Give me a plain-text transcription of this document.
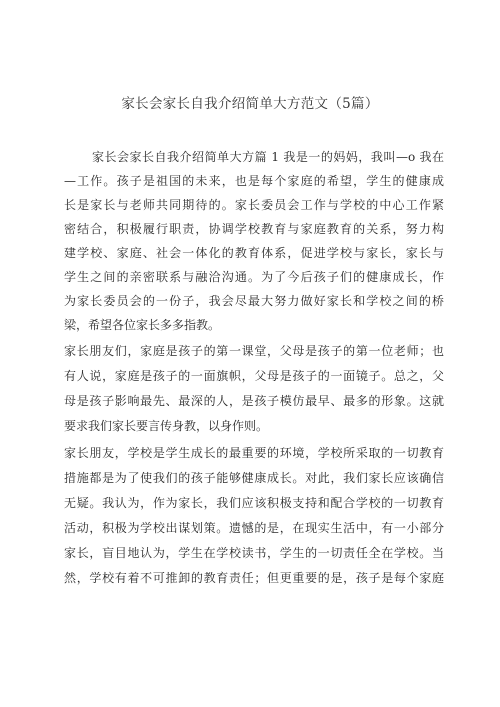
家长会家长自我介绍简单大方范文（5篇）
家长会家长自我介绍简单大方篇 1 我是一的妈妈，我叫—o 我在
—工作。孩子是祖国的未来，也是每个家庭的希望，学生的健康成
长是家长与老师共同期待的。家长委员会工作与学校的中心工作紧
密结合，积极履行职责，协调学校教育与家庭教育的关系，努力构
建学校、家庭、社会一体化的教育体系，促进学校与家长，家长与
学生之间的亲密联系与融洽沟通。为了今后孩子们的健康成长，作
为家长委员会的一份子，我会尽最大努力做好家长和学校之间的桥
梁，希望各位家长多多指教。
家长朋友们，家庭是孩子的第一课堂，父母是孩子的第一位老师；也
有人说，家庭是孩子的一面旗帜，父母是孩子的一面镜子。总之，父
母是孩子影响最先、最深的人，是孩子模仿最早、最多的形象。这就
要求我们家长要言传身教，以身作则。
家长朋友，学校是学生成长的最重要的环境，学校所采取的一切教育
措施都是为了使我们的孩子能够健康成长。对此，我们家长应该确信
无疑。我认为，作为家长，我们应该积极支持和配合学校的一切教育
活动，积极为学校出谋划策。遗憾的是，在现实生活中，有一小部分
家长，盲目地认为，学生在学校读书，学生的一切责任全在学校。当
然，学校有着不可推卸的教育责任；但更重要的是，孩子是每个家庭
